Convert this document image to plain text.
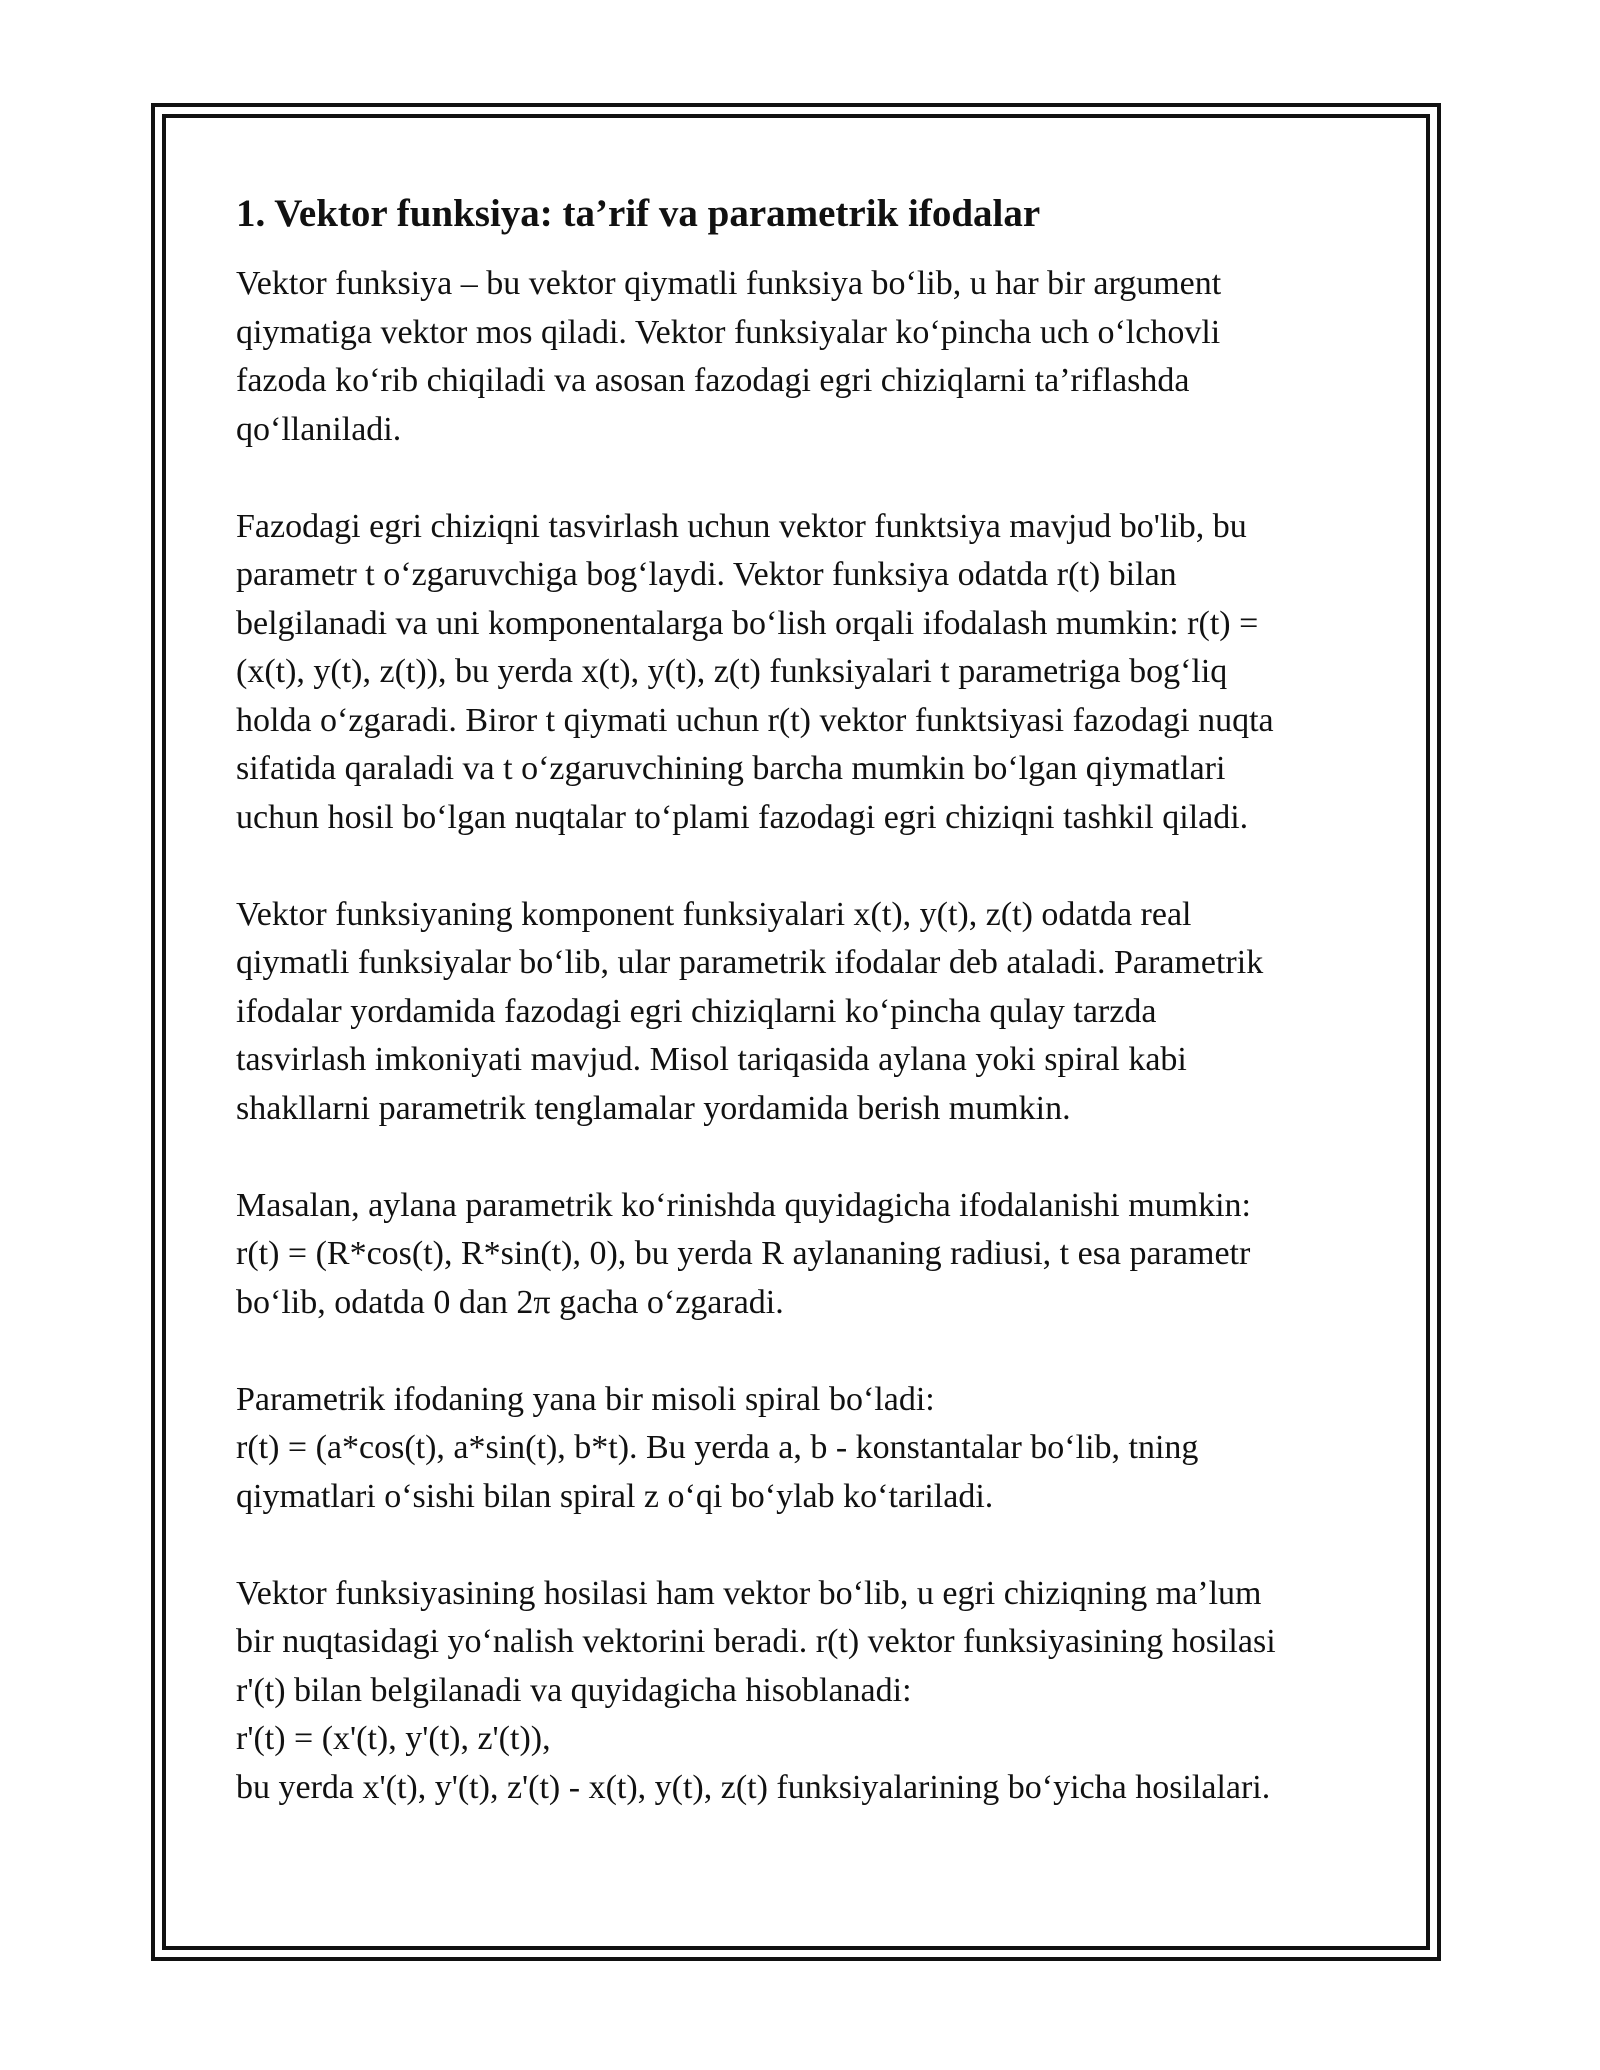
1. Vektor funksiya: ta’rif va parametrik ifodalar

Vektor funksiya – bu vektor qiymatli funksiya bo‘lib, u har bir argument
qiymatiga vektor mos qiladi. Vektor funksiyalar ko‘pincha uch o‘lchovli
fazoda ko‘rib chiqiladi va asosan fazodagi egri chiziqlarni ta’riflashda
qo‘llaniladi.

Fazodagi egri chiziqni tasvirlash uchun vektor funktsiya mavjud bo'lib, bu
parametr t o‘zgaruvchiga bog‘laydi. Vektor funksiya odatda r(t) bilan
belgilanadi va uni komponentalarga bo‘lish orqali ifodalash mumkin: r(t) =
(x(t), y(t), z(t)), bu yerda x(t), y(t), z(t) funksiyalari t parametriga bog‘liq
holda o‘zgaradi. Biror t qiymati uchun r(t) vektor funktsiyasi fazodagi nuqta
sifatida qaraladi va t o‘zgaruvchining barcha mumkin bo‘lgan qiymatlari
uchun hosil bo‘lgan nuqtalar to‘plami fazodagi egri chiziqni tashkil qiladi.

Vektor funksiyaning komponent funksiyalari x(t), y(t), z(t) odatda real
qiymatli funksiyalar bo‘lib, ular parametrik ifodalar deb ataladi. Parametrik
ifodalar yordamida fazodagi egri chiziqlarni ko‘pincha qulay tarzda
tasvirlash imkoniyati mavjud. Misol tariqasida aylana yoki spiral kabi
shakllarni parametrik tenglamalar yordamida berish mumkin.

Masalan, aylana parametrik ko‘rinishda quyidagicha ifodalanishi mumkin:
r(t) = (R*cos(t), R*sin(t), 0), bu yerda R aylananing radiusi, t esa parametr
bo‘lib, odatda 0 dan 2π gacha o‘zgaradi.

Parametrik ifodaning yana bir misoli spiral bo‘ladi:
r(t) = (a*cos(t), a*sin(t), b*t). Bu yerda a, b - konstantalar bo‘lib, tning
qiymatlari o‘sishi bilan spiral z o‘qi bo‘ylab ko‘tariladi.

Vektor funksiyasining hosilasi ham vektor bo‘lib, u egri chiziqning ma’lum
bir nuqtasidagi yo‘nalish vektorini beradi. r(t) vektor funksiyasining hosilasi
r'(t) bilan belgilanadi va quyidagicha hisoblanadi:
r'(t) = (x'(t), y'(t), z'(t)),
bu yerda x'(t), y'(t), z'(t) - x(t), y(t), z(t) funksiyalarining bo‘yicha hosilalari.
